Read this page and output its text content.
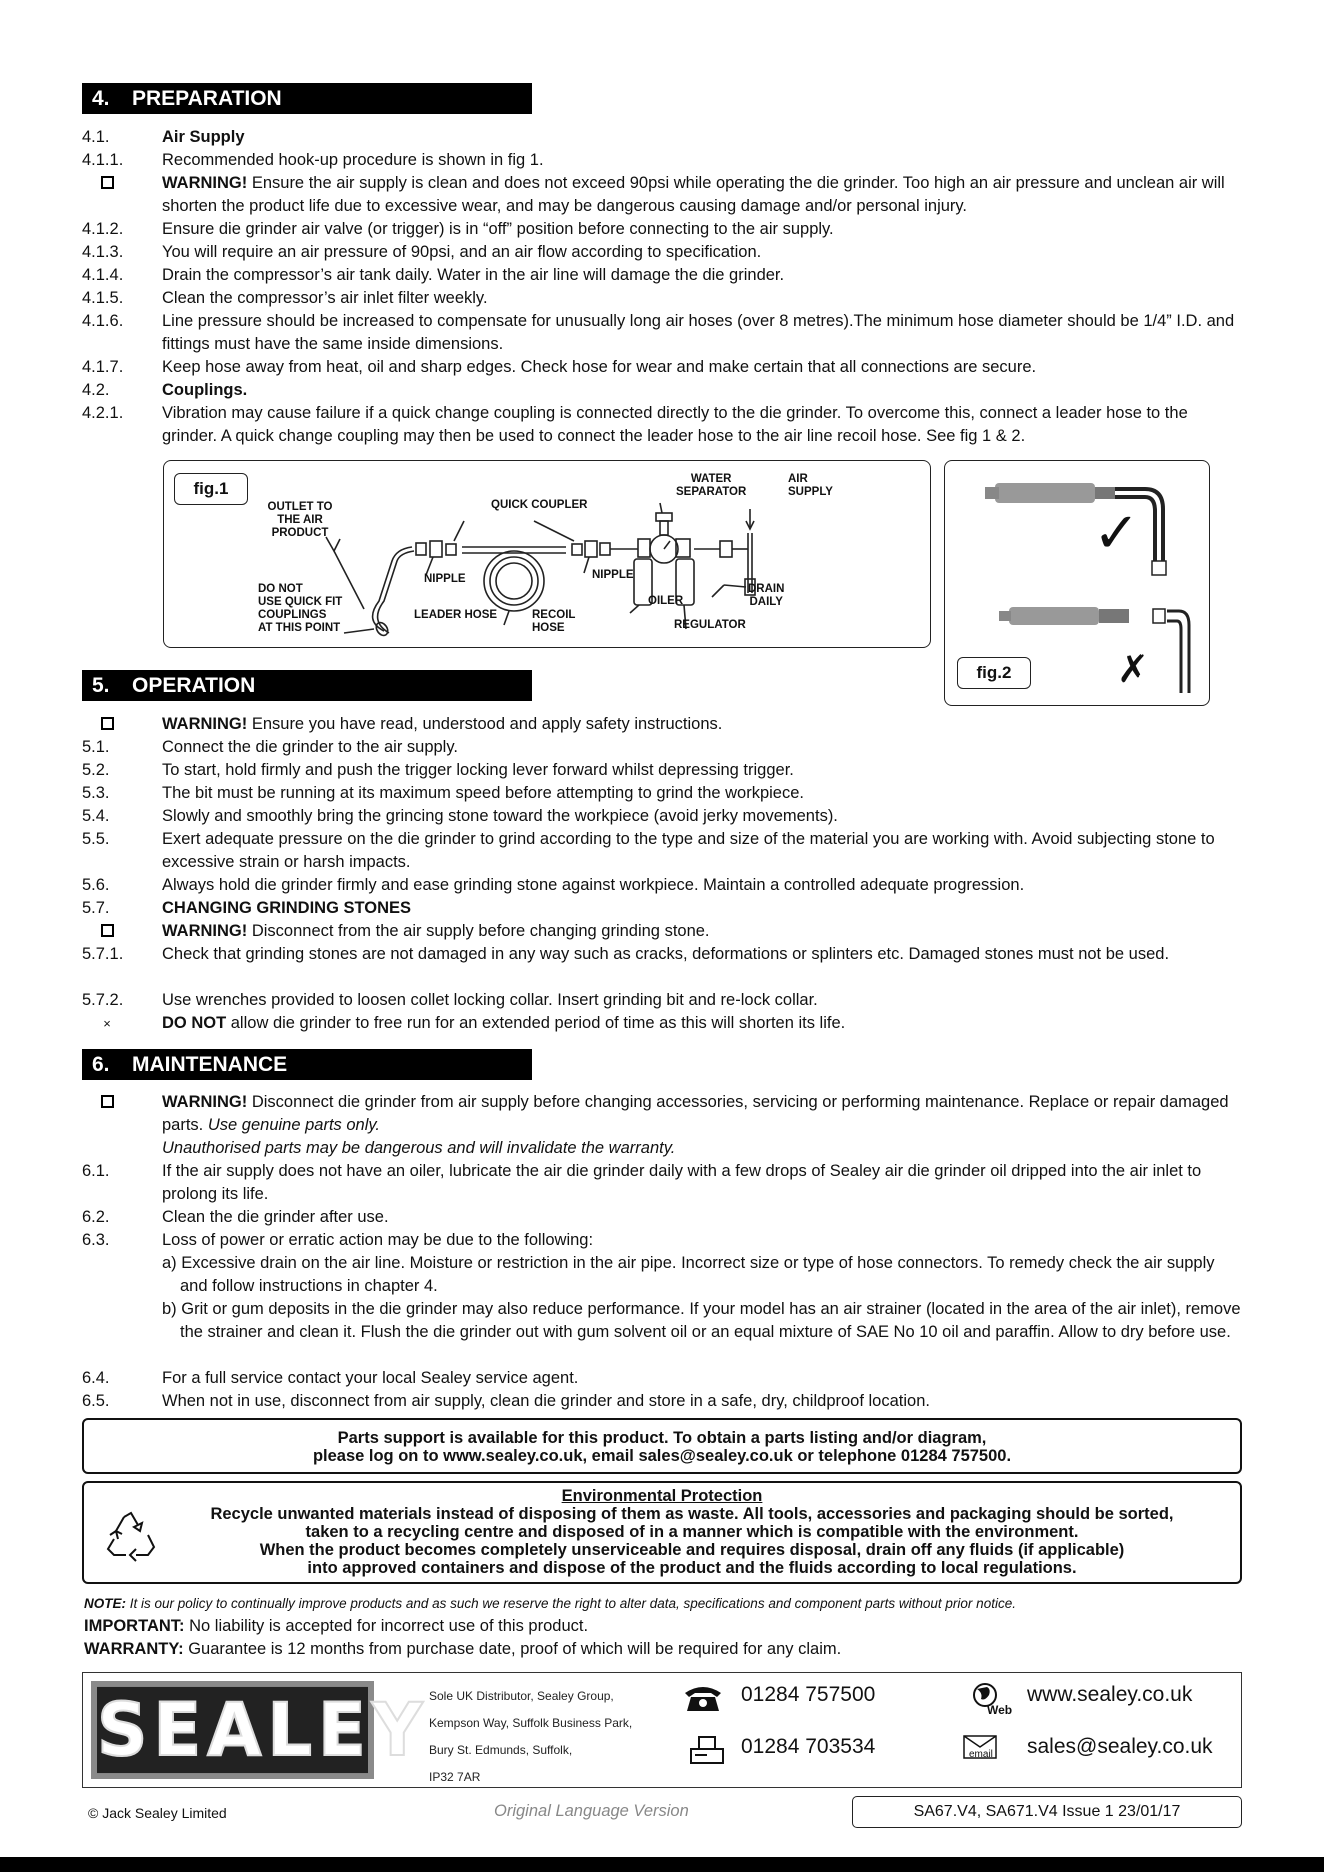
4. PREPARATION
4.1.	Air Supply
4.1.1.	Recommended hook-up procedure is shown in fig 1.
WARNING! Ensure the air supply is clean and does not exceed 90psi while operating the die grinder. Too high an air pressure and unclean air will shorten the product life due to excessive wear, and may be dangerous causing damage and/or personal injury.
4.1.2.	Ensure die grinder air valve (or trigger) is in “off” position before connecting to the air supply.
4.1.3.	You will require an air pressure of 90psi, and an air flow according to specification.
4.1.4.	Drain the compressor’s air tank daily. Water in the air line will damage the die grinder.
4.1.5.	Clean the compressor’s air inlet filter weekly.
4.1.6.	Line pressure should be increased to compensate for unusually long air hoses (over 8 metres).The minimum hose diameter should be 1/4” I.D. and fittings must have the same inside dimensions.
4.1.7.	Keep hose away from heat, oil and sharp edges. Check hose for wear and make certain that all connections are secure.
4.2.	Couplings.
4.2.1.	Vibration may cause failure if a quick change coupling is connected directly to the die grinder. To overcome this, connect a leader hose to the grinder. A quick change coupling may then be used to connect the leader hose to the air line recoil hose. See fig 1 & 2.
fig.1
OUTLET TO
THE AIR
PRODUCT
QUICK COUPLER
WATER
SEPARATOR
AIR
SUPPLY
NIPPLE	NIPPLE
DO NOT
USE QUICK FIT
COUPLINGS
AT THIS POINT
LEADER HOSE	RECOIL
HOSE
OILER
DRAIN
DAILY
REGULATOR
✓
✗
fig.2
5. OPERATION
WARNING! Ensure you have read, understood and apply safety instructions.
5.1.	Connect the die grinder to the air supply.
5.2.	To start, hold firmly and push the trigger locking lever forward whilst depressing trigger.
5.3.	The bit must be running at its maximum speed before attempting to grind the workpiece.
5.4.	Slowly and smoothly bring the grincing stone toward the workpiece (avoid jerky movements).
5.5.	Exert adequate pressure on the die grinder to grind according to the type and size of the material you are working with. Avoid subjecting stone to excessive strain or harsh impacts.
5.6.	Always hold die grinder firmly and ease grinding stone against workpiece. Maintain a controlled adequate progression.
5.7.	CHANGING GRINDING STONES
WARNING! Disconnect from the air supply before changing grinding stone.
5.7.1.	Check that grinding stones are not damaged in any way such as cracks, deformations or splinters etc. Damaged stones must not be used.
5.7.2.	Use wrenches provided to loosen collet locking collar. Insert grinding bit and re-lock collar.
×	DO NOT allow die grinder to free run for an extended period of time as this will shorten its life.
6. MAINTENANCE
WARNING! Disconnect die grinder from air supply before changing accessories, servicing or performing maintenance. Replace or repair damaged parts. Use genuine parts only.
Unauthorised parts may be dangerous and will invalidate the warranty.
6.1.	If the air supply does not have an oiler, lubricate the air die grinder daily with a few drops of Sealey air die grinder oil dripped into the air inlet to prolong its life.
6.2.	Clean the die grinder after use.
6.3.	Loss of power or erratic action may be due to the following:
a) Excessive drain on the air line. Moisture or restriction in the air pipe. Incorrect size or type of hose connectors. To remedy check the air supply and follow instructions in chapter 4.
b) Grit or gum deposits in the die grinder may also reduce performance. If your model has an air strainer (located in the area of the air inlet), remove the strainer and clean it. Flush the die grinder out with gum solvent oil or an equal mixture of SAE No 10 oil and paraffin. Allow to dry before use.
6.4.	For a full service contact your local Sealey service agent.
6.5.	When not in use, disconnect from air supply, clean die grinder and store in a safe, dry, childproof location.
Parts support is available for this product. To obtain a parts listing and/or diagram,
please log on to www.sealey.co.uk, email sales@sealey.co.uk or telephone 01284 757500.
Environmental Protection
Recycle unwanted materials instead of disposing of them as waste. All tools, accessories and packaging should be sorted,
taken to a recycling centre and disposed of in a manner which is compatible with the environment.
When the product becomes completely unserviceable and requires disposal, drain off any fluids (if applicable)
into approved containers and dispose of the product and the fluids according to local regulations.
NOTE: It is our policy to continually improve products and as such we reserve the right to alter data, specifications and component parts without prior notice.
IMPORTANT: No liability is accepted for incorrect use of this product.
WARRANTY: Guarantee is 12 months from purchase date, proof of which will be required for any claim.
SEALEY Sole UK Distributor, Sealey Group,
Kempson Way, Suffolk Business Park,
Bury St. Edmunds, Suffolk,
IP32 7AR
01284 757500
01284 703534
Web
www.sealey.co.uk
email sales@sealey.co.uk
© Jack Sealey Limited	Original Language Version	SA67.V4, SA671.V4 Issue 1 23/01/17
